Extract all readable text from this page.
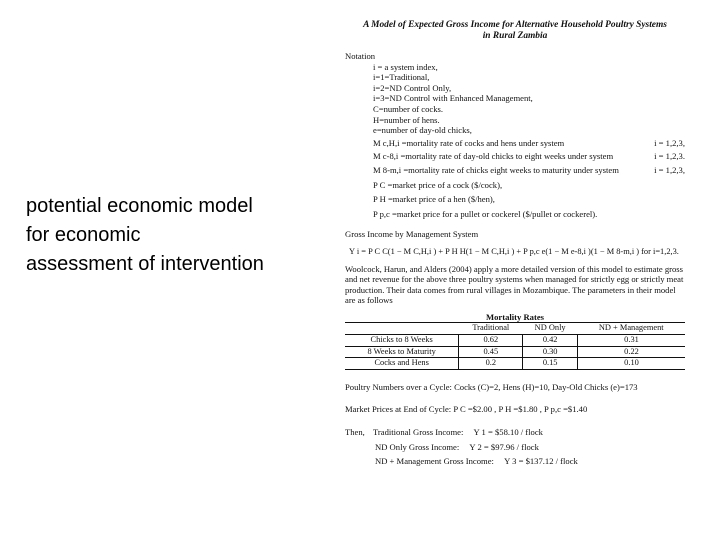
potential economic model
for economic
assessment of intervention
A Model of Expected Gross Income for Alternative Household Poultry Systems
in Rural Zambia
Notation
i = a system index,
i=1=Traditional,
i=2=ND Control Only,
i=3=ND Control with Enhanced Management,
C=number of cocks.
H=number of hens.
e=number of day-old chicks,
M c,H,i =mortality rate of cocks and hens under system	i = 1,2,3,
M c-8,i =mortality rate of day-old chicks to eight weeks under system	i = 1,2,3.
M 8-m,i =mortality rate of chicks eight weeks to maturity under system	i = 1,2,3,
P C =market price of a cock ($/cock),
P H =market price of a hen ($/hen),
P p,c =market price for a pullet or cockerel ($/pullet or cockerel).
Gross Income by Management System
Y i = P C C(1 − M C,H,i ) + P H H(1 − M C,H,i ) + P p,c e(1 − M e-8,i )(1 − M 8-m,i ) for i=1,2,3.
Woolcock, Harun, and Alders (2004) apply a more detailed version of this model to estimate gross and net revenue for the above three poultry systems when managed for strictly egg or strictly meat production. Their data comes from rural villages in Mozambique. The parameters in their model are as follows
Mortality Rates
	Traditional	ND Only	ND + Management
Chicks to 8 Weeks	0.62	0.42	0.31
8 Weeks to Maturity	0.45	0.30	0.22
Cocks and Hens	0.2	0.15	0.10
Poultry Numbers over a Cycle: Cocks (C)=2, Hens (H)=10, Day-Old Chicks (e)=173
Market Prices at End of Cycle: P C =$2.00 , P H =$1.80 , P p,c =$1.40
Then, Traditional Gross Income: Y 1 = $58.10 / flock
ND Only Gross Income: Y 2 = $97.96 / flock
ND + Management Gross Income: Y 3 = $137.12 / flock
